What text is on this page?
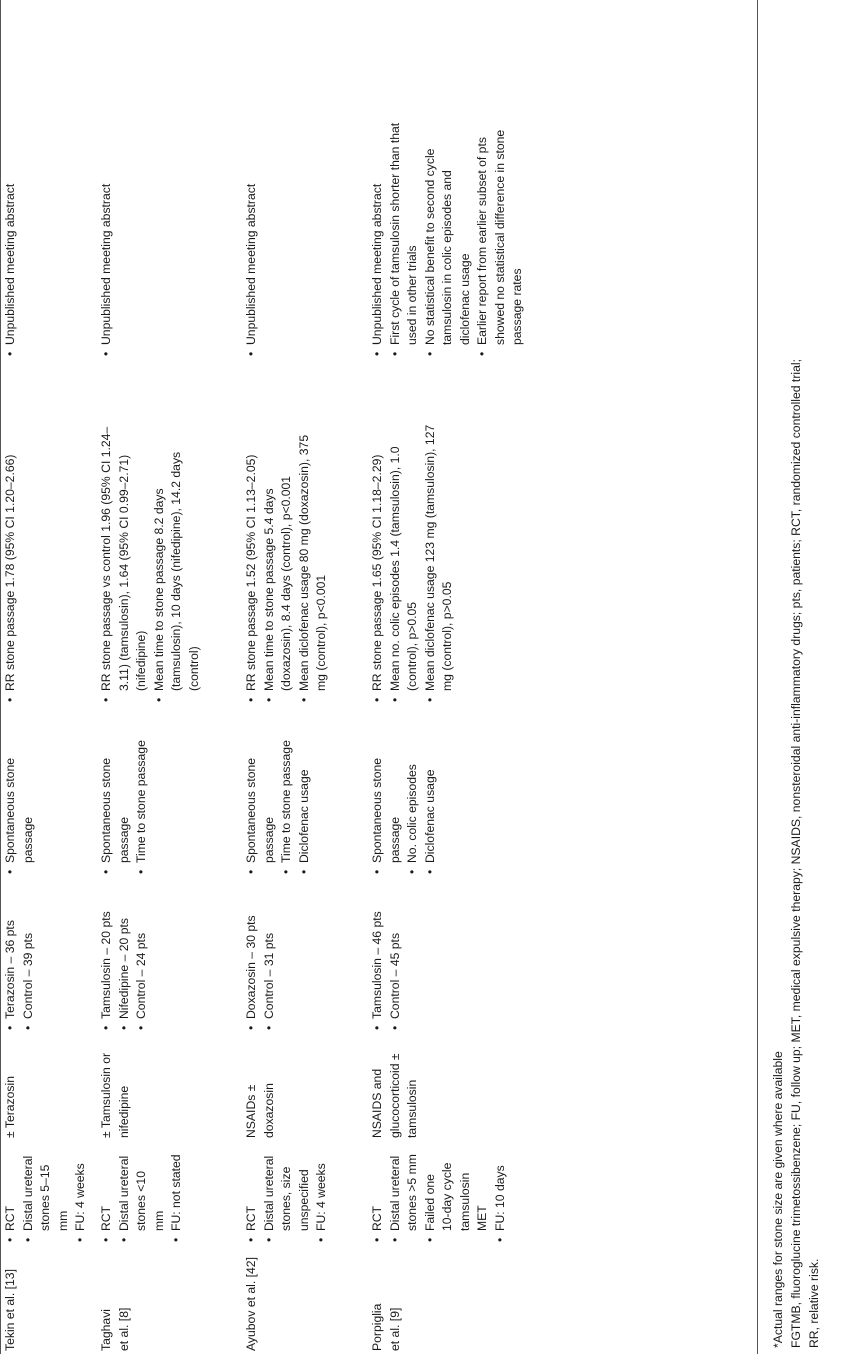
Tekin et al. [13]
• RCT • Distal ureteral stones 5–15 mm • FU: 4 weeks
± Terazosin
• Terazosin – 36 pts • Control – 39 pts
• Spontaneous stone passage
• RR stone passage 1.78 (95% CI 1.20–2.66)
• Unpublished meeting abstract
Taghavi et al. [8]
• RCT • Distal ureteral stones <10 mm • FU: not stated
± Tamsulosin or nifedipine
• Tamsulosin – 20 pts • Nifedipine – 20 pts • Control – 24 pts
• Spontaneous stone passage • Time to stone passage
• RR stone passage vs control 1.96 (95% CI 1.24–3.11) (tamsulosin), 1.64 (95% CI 0.99–2.71) (nifedipine) • Mean time to stone passage 8.2 days (tamsulosin), 10 days (nifedipine), 14.2 days (control)
• Unpublished meeting abstract
Ayubov et al. [42]
• RCT • Distal ureteral stones, size unspecified • FU: 4 weeks
NSAIDs ± doxazosin
• Doxazosin – 30 pts • Control – 31 pts
• Spontaneous stone passage • Time to stone passage • Diclofenac usage
• RR stone passage 1.52 (95% CI 1.13–2.05) • Mean time to stone passage 5.4 days (doxazosin), 8.4 days (control), p<0.001 • Mean diclofenac usage 80 mg (doxazosin), 375 mg (control), p<0.001
• Unpublished meeting abstract
Porpiglia et al. [9]
• RCT • Distal ureteral stones >5 mm • Failed one 10-day cycle tamsulosin MET • FU: 10 days
NSAIDS and glucocorticoid ± tamsulosin
• Tamsulosin – 46 pts • Control – 45 pts
• Spontaneous stone passage • No. colic episodes • Diclofenac usage
• RR stone passage 1.65 (95% CI 1.18–2.29) • Mean no. colic episodes 1.4 (tamsulosin), 1.0 (control), p>0.05 • Mean diclofenac usage 123 mg (tamsulosin), 127 mg (control), p>0.05
• Unpublished meeting abstract • First cycle of tamsulosin shorter than that used in other trials • No statistical benefit to second cycle tamsulosin in colic episodes and diclofenac usage • Earlier report from earlier subset of pts showed no statistical difference in stone passage rates
*Actual ranges for stone size are given where available FGTMB, fluoroglucine trimetossibenzene; FU, follow up; MET, medical expulsive therapy; NSAIDS, nonsteroidal anti-inflammatory drugs; pts, patients; RCT, randomized controlled trial; RR, relative risk.
